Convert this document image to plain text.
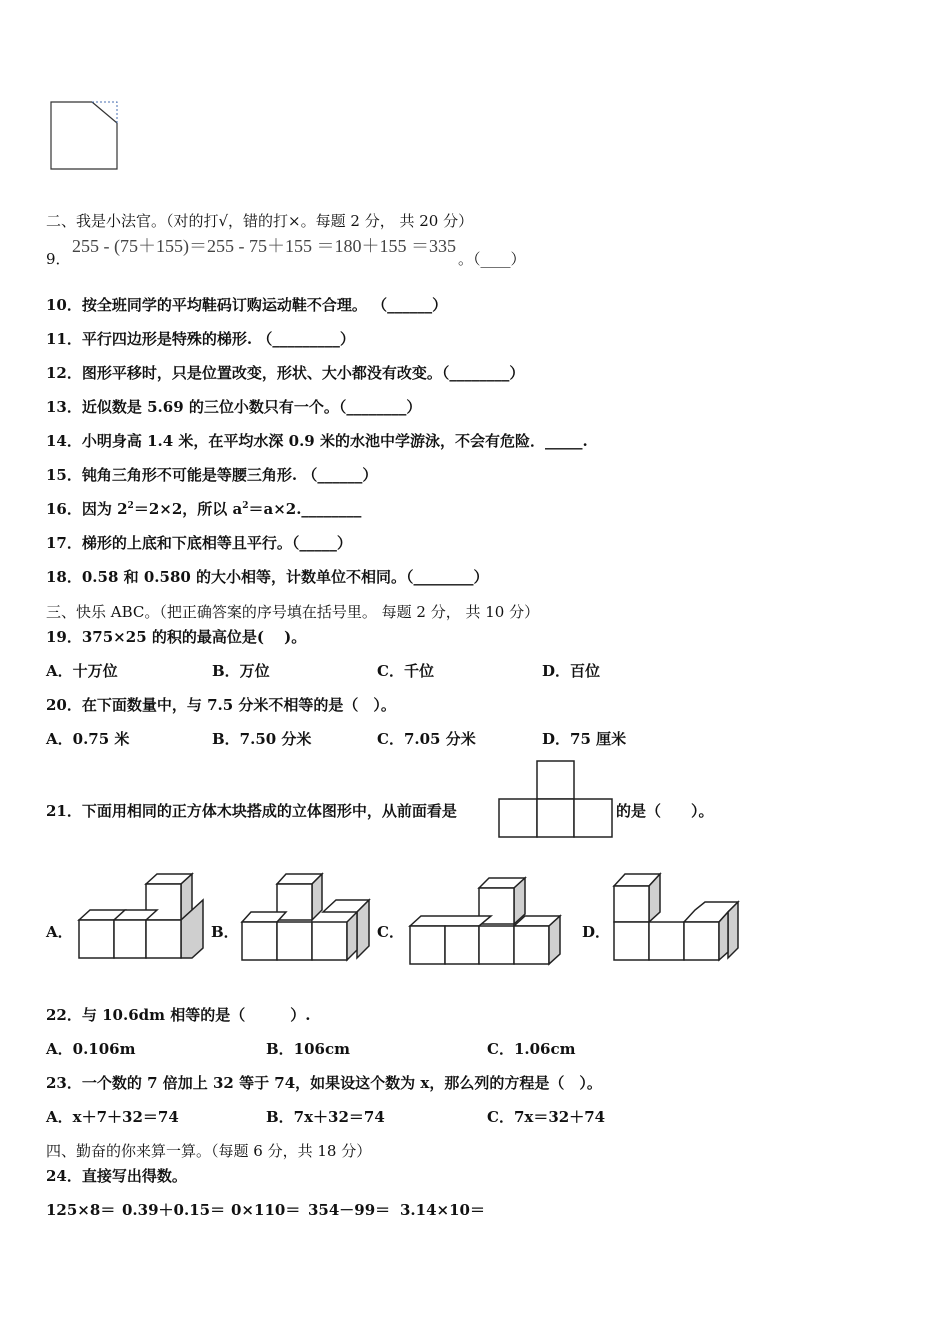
二、我是小法官。（对的打√，错的打×。每题 2 分， 共 20 分）
9．
255 - (75＋155)＝255 - 75＋155 ＝180＋155 ＝335
。（____）
10．按全班同学的平均鞋码订购运动鞋不合理。 （______）
11．平行四边形是特殊的梯形. （_________）
12．图形平移时，只是位置改变，形状、大小都没有改变。（________）
13．近似数是 5.69 的三位小数只有一个。（________）
14．小明身高 1.4 米，在平均水深 0.9 米的水池中学游泳，不会有危险．_____.
15．钝角三角形不可能是等腰三角形. （______）
16．因为 $2^2=2\times 2$，所以 $a^2=a\times 2.\_\_\_\_\_\_\_\_$
17．梯形的上底和下底相等且平行。（_____）
18．0.58 和 0.580 的大小相等，计数单位不相同。（________）
三、快乐 ABC。（把正确答案的序号填在括号里。 每题 2 分， 共 10 分）
19．375×25 的积的最高位是(　 )。
A．十万位	B．万位	C．千位	D．百位
20．在下面数量中，与 7.5 分米不相等的是（　）。
A．0.75 米	B．7.50 分米	C．7.05 分米	D．75 厘米
21．下面用相同的正方体木块搭成的立体图形中，从前面看是	的是（　　）。
A．	B．	C．	D．
22．与 10.6dm 相等的是（　　　）.
A．0.106m	B．106cm	C．1.06cm
23．一个数的 7 倍加上 32 等于 74，如果设这个数为 x，那么列的方程是（　）。
A．x＋7＋32＝74	B．7x＋32＝74	C．7x＝32＋74
四、勤奋的你来算一算。（每题 6 分，共 18 分）
24．直接写出得数。
125×8＝ 0.39＋0.15＝ 0×110＝ 354－99＝ 3.14×10＝
